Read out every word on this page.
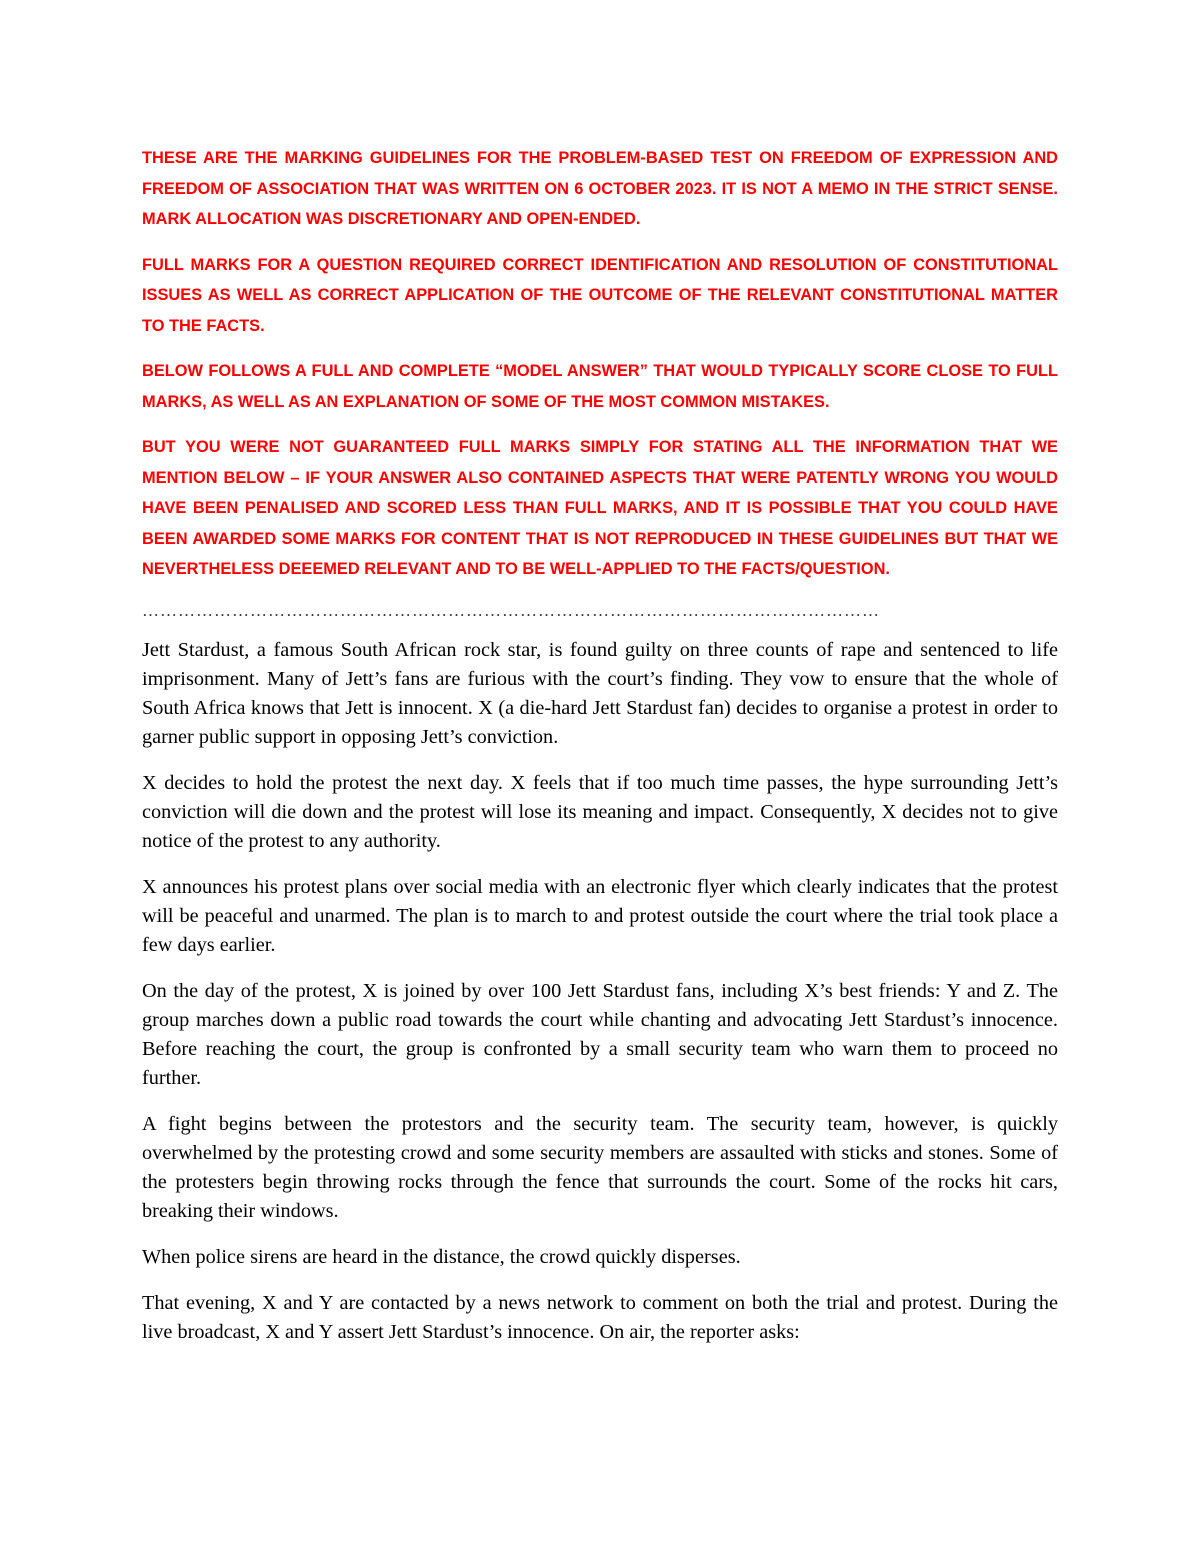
THESE ARE THE MARKING GUIDELINES FOR THE PROBLEM-BASED TEST ON FREEDOM OF EXPRESSION AND FREEDOM OF ASSOCIATION THAT WAS WRITTEN ON 6 OCTOBER 2023. IT IS NOT A MEMO IN THE STRICT SENSE. MARK ALLOCATION WAS DISCRETIONARY AND OPEN-ENDED.

FULL MARKS FOR A QUESTION REQUIRED CORRECT IDENTIFICATION AND RESOLUTION OF CONSTITUTIONAL ISSUES AS WELL AS CORRECT APPLICATION OF THE OUTCOME OF THE RELEVANT CONSTITUTIONAL MATTER TO THE FACTS.

BELOW FOLLOWS A FULL AND COMPLETE “MODEL ANSWER” THAT WOULD TYPICALLY SCORE CLOSE TO FULL MARKS, AS WELL AS AN EXPLANATION OF SOME OF THE MOST COMMON MISTAKES.

BUT YOU WERE NOT GUARANTEED FULL MARKS SIMPLY FOR STATING ALL THE INFORMATION THAT WE MENTION BELOW – IF YOUR ANSWER ALSO CONTAINED ASPECTS THAT WERE PATENTLY WRONG YOU WOULD HAVE BEEN PENALISED AND SCORED LESS THAN FULL MARKS, AND IT IS POSSIBLE THAT YOU COULD HAVE BEEN AWARDED SOME MARKS FOR CONTENT THAT IS NOT REPRODUCED IN THESE GUIDELINES BUT THAT WE NEVERTHELESS DEEEMED RELEVANT AND TO BE WELL-APPLIED TO THE FACTS/QUESTION.

……………………………………………………………………………………………………………

Jett Stardust, a famous South African rock star, is found guilty on three counts of rape and sentenced to life imprisonment. Many of Jett’s fans are furious with the court’s finding. They vow to ensure that the whole of South Africa knows that Jett is innocent. X (a die-hard Jett Stardust fan) decides to organise a protest in order to garner public support in opposing Jett’s conviction.

X decides to hold the protest the next day. X feels that if too much time passes, the hype surrounding Jett’s conviction will die down and the protest will lose its meaning and impact. Consequently, X decides not to give notice of the protest to any authority.

X announces his protest plans over social media with an electronic flyer which clearly indicates that the protest will be peaceful and unarmed. The plan is to march to and protest outside the court where the trial took place a few days earlier.

On the day of the protest, X is joined by over 100 Jett Stardust fans, including X’s best friends: Y and Z. The group marches down a public road towards the court while chanting and advocating Jett Stardust’s innocence. Before reaching the court, the group is confronted by a small security team who warn them to proceed no further.

A fight begins between the protestors and the security team. The security team, however, is quickly overwhelmed by the protesting crowd and some security members are assaulted with sticks and stones. Some of the protesters begin throwing rocks through the fence that surrounds the court. Some of the rocks hit cars, breaking their windows.

When police sirens are heard in the distance, the crowd quickly disperses.

That evening, X and Y are contacted by a news network to comment on both the trial and protest. During the live broadcast, X and Y assert Jett Stardust’s innocence. On air, the reporter asks:
